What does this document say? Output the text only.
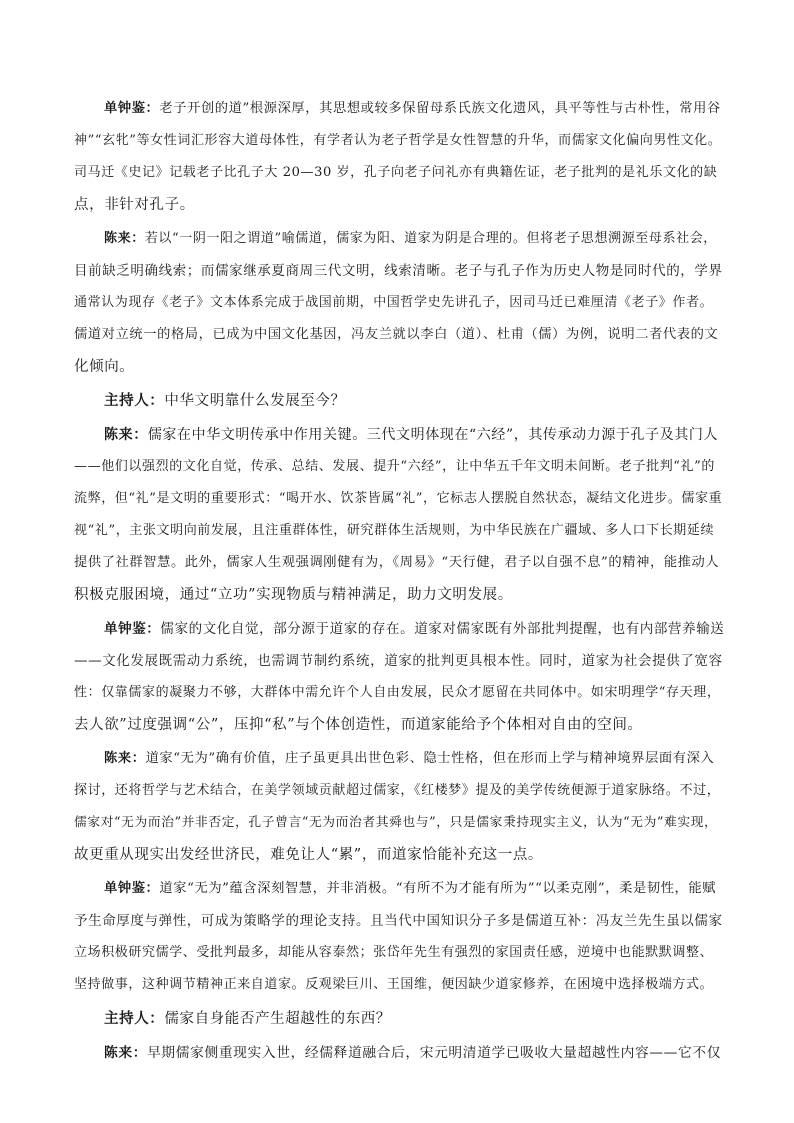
单钟鉴：老子开创的道”根源深厚，其思想或较多保留母系氏族文化遗风，具平等性与古朴性，常用谷
神”“玄牝”等女性词汇形容大道母体性，有学者认为老子哲学是女性智慧的升华，而儒家文化偏向男性文化。
司马迁《史记》记载老子比孔子大 20—30 岁，孔子向老子问礼亦有典籍佐证，老子批判的是礼乐文化的缺
点，非针对孔子。
陈来：若以“一阴一阳之谓道”喻儒道，儒家为阳、道家为阴是合理的。但将老子思想溯源至母系社会，
目前缺乏明确线索；而儒家继承夏商周三代文明，线索清晰。老子与孔子作为历史人物是同时代的，学界
通常认为现存《老子》文本体系完成于战国前期，中国哲学史先讲孔子，因司马迁已难厘清《老子》作者。
儒道对立统一的格局，已成为中国文化基因，冯友兰就以李白（道）、杜甫（儒）为例，说明二者代表的文
化倾向。
主持人：中华文明靠什么发展至今？
陈来：儒家在中华文明传承中作用关键。三代文明体现在“六经”，其传承动力源于孔子及其门人
——他们以强烈的文化自觉，传承、总结、发展、提升“六经”，让中华五千年文明未间断。老子批判“礼”的
流弊，但“礼”是文明的重要形式：“喝开水、饮茶皆属“礼”，它标志人摆脱自然状态，凝结文化进步。儒家重
视“礼”，主张文明向前发展，且注重群体性，研究群体生活规则，为中华民族在广疆域、多人口下长期延续
提供了社群智慧。此外，儒家人生观强调刚健有为，《周易》“天行健，君子以自强不息”的精神，能推动人
积极克服困境，通过“立功”实现物质与精神满足，助力文明发展。
单钟鉴：儒家的文化自觉，部分源于道家的存在。道家对儒家既有外部批判提醒，也有内部营养输送
——文化发展既需动力系统，也需调节制约系统，道家的批判更具根本性。同时，道家为社会提供了宽容
性：仅靠儒家的凝聚力不够，大群体中需允许个人自由发展，民众才愿留在共同体中。如宋明理学“存天理，
去人欲”过度强调“公”，压抑“私”与个体创造性，而道家能给予个体相对自由的空间。
陈来：道家“无为”确有价值，庄子虽更具出世色彩、隐士性格，但在形而上学与精神境界层面有深入
探讨，还将哲学与艺术结合，在美学领域贡献超过儒家，《红楼梦》提及的美学传统便源于道家脉络。不过，
儒家对“无为而治”并非否定，孔子曾言“无为而治者其舜也与”，只是儒家秉持现实主义，认为“无为”难实现，
故更重从现实出发经世济民，难免让人“累”，而道家恰能补充这一点。
单钟鉴：道家“无为”蕴含深刻智慧，并非消极。“有所不为才能有所为”“以柔克刚”，柔是韧性，能赋
予生命厚度与弹性，可成为策略学的理论支持。且当代中国知识分子多是儒道互补：冯友兰先生虽以儒家
立场积极研究儒学、受批判最多，却能从容泰然；张岱年先生有强烈的家国责任感，逆境中也能默默调整、
坚持做事，这种调节精神正来自道家。反观梁巨川、王国维，便因缺少道家修养，在困境中选择极端方式。
主持人：儒家自身能否产生超越性的东西？
陈来：早期儒家侧重现实入世，经儒释道融合后，宋元明清道学已吸收大量超越性内容——它不仅
